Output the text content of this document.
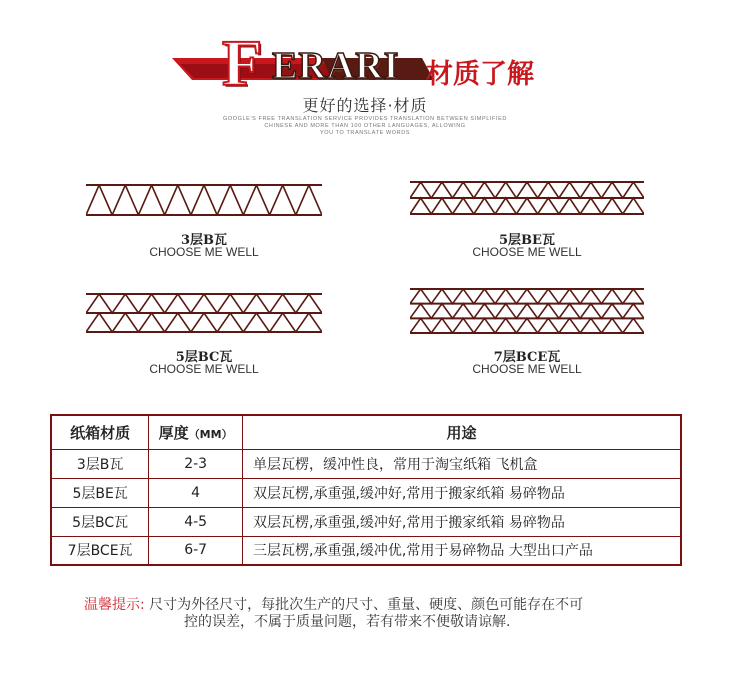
F ERARI 材质了解
更好的选择·材质
GOOGLE'S FREE TRANSLATION SERVICE PROVIDES TRANSLATION BETWEEN SIMPLIFIED
CHINESE AND MORE THAN 100 OTHER LANGUAGES, ALLOWING
YOU TO TRANSLATE WORDS
3层B瓦
CHOOSE ME WELL
5层BE瓦
CHOOSE ME WELL
5层BC瓦
CHOOSE ME WELL
7层BCE瓦
CHOOSE ME WELL
纸箱材质	厚度（MM）	用途
3层B瓦	2-3	单层瓦楞，缓冲性良，常用于淘宝纸箱 飞机盒
5层BE瓦	4	双层瓦楞,承重强,缓冲好,常用于搬家纸箱 易碎物品
5层BC瓦	4-5	双层瓦楞,承重强,缓冲好,常用于搬家纸箱 易碎物品
7层BCE瓦	6-7	三层瓦楞,承重强,缓冲优,常用于易碎物品 大型出口产品
温馨提示: 尺寸为外径尺寸，每批次生产的尺寸、重量、硬度、颜色可能存在不可
控的误差，不属于质量问题，若有带来不便敬请谅解.
